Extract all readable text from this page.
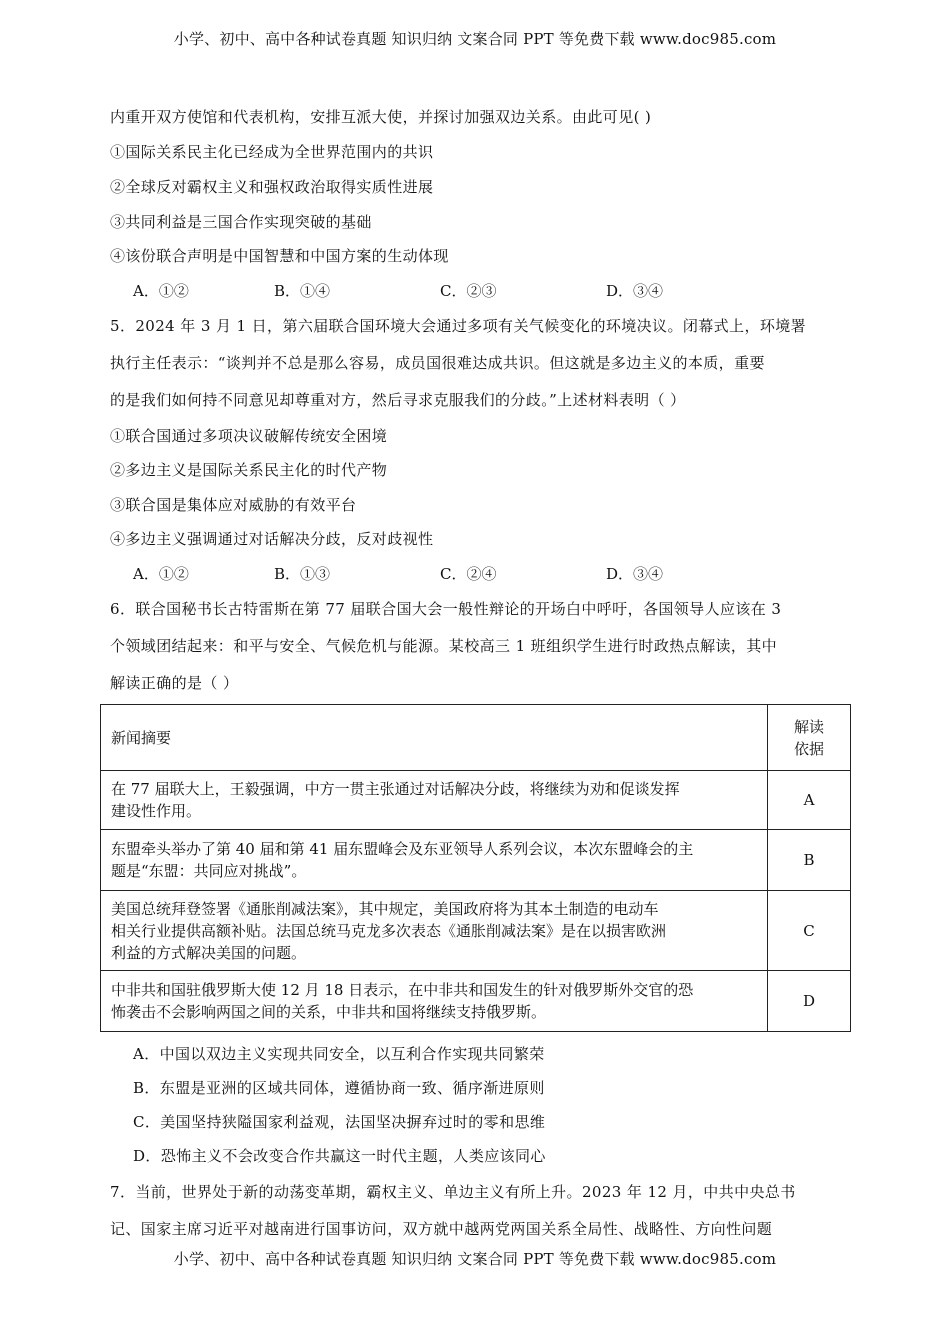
小学、初中、高中各种试卷真题 知识归纳 文案合同 PPT 等免费下载 www.doc985.com
内重开双方使馆和代表机构，安排互派大使，并探讨加强双边关系。由此可见( )
①国际关系民主化已经成为全世界范围内的共识
②全球反对霸权主义和强权政治取得实质性进展
③共同利益是三国合作实现突破的基础
④该份联合声明是中国智慧和中国方案的生动体现
A．①②	B．①④	C．②③	D．③④
5．2024 年 3 月 1 日，第六届联合国环境大会通过多项有关气候变化的环境决议。闭幕式上，环境署
执行主任表示：“谈判并不总是那么容易，成员国很难达成共识。但这就是多边主义的本质，重要
的是我们如何持不同意见却尊重对方，然后寻求克服我们的分歧。”上述材料表明（ ）
①联合国通过多项决议破解传统安全困境
②多边主义是国际关系民主化的时代产物
③联合国是集体应对威胁的有效平台
④多边主义强调通过对话解决分歧，反对歧视性
A．①②	B．①③	C．②④	D．③④
6．联合国秘书长古特雷斯在第 77 届联合国大会一般性辩论的开场白中呼吁，各国领导人应该在 3
个领域团结起来：和平与安全、气候危机与能源。某校高三 1 班组织学生进行时政热点解读，其中
解读正确的是（ ）
新闻摘要	解读
依据

在 77 届联大上，王毅强调，中方一贯主张通过对话解决分歧，将继续为劝和促谈发挥
建设性作用。	A

东盟牵头举办了第 40 届和第 41 届东盟峰会及东亚领导人系列会议，本次东盟峰会的主
题是“东盟：共同应对挑战”。	B

美国总统拜登签署《通胀削减法案》，其中规定，美国政府将为其本土制造的电动车
相关行业提供高额补贴。法国总统马克龙多次表态《通胀削减法案》是在以损害欧洲
利益的方式解决美国的问题。	C

中非共和国驻俄罗斯大使 12 月 18 日表示，在中非共和国发生的针对俄罗斯外交官的恐
怖袭击不会影响两国之间的关系，中非共和国将继续支持俄罗斯。	D
A．中国以双边主义实现共同安全，以互利合作实现共同繁荣
B．东盟是亚洲的区域共同体，遵循协商一致、循序渐进原则
C．美国坚持狭隘国家利益观，法国坚决摒弃过时的零和思维
D．恐怖主义不会改变合作共赢这一时代主题，人类应该同心
7．当前，世界处于新的动荡变革期，霸权主义、单边主义有所上升。2023 年 12 月，中共中央总书
记、国家主席习近平对越南进行国事访问，双方就中越两党两国关系全局性、战略性、方向性问题
小学、初中、高中各种试卷真题 知识归纳 文案合同 PPT 等免费下载 www.doc985.com
